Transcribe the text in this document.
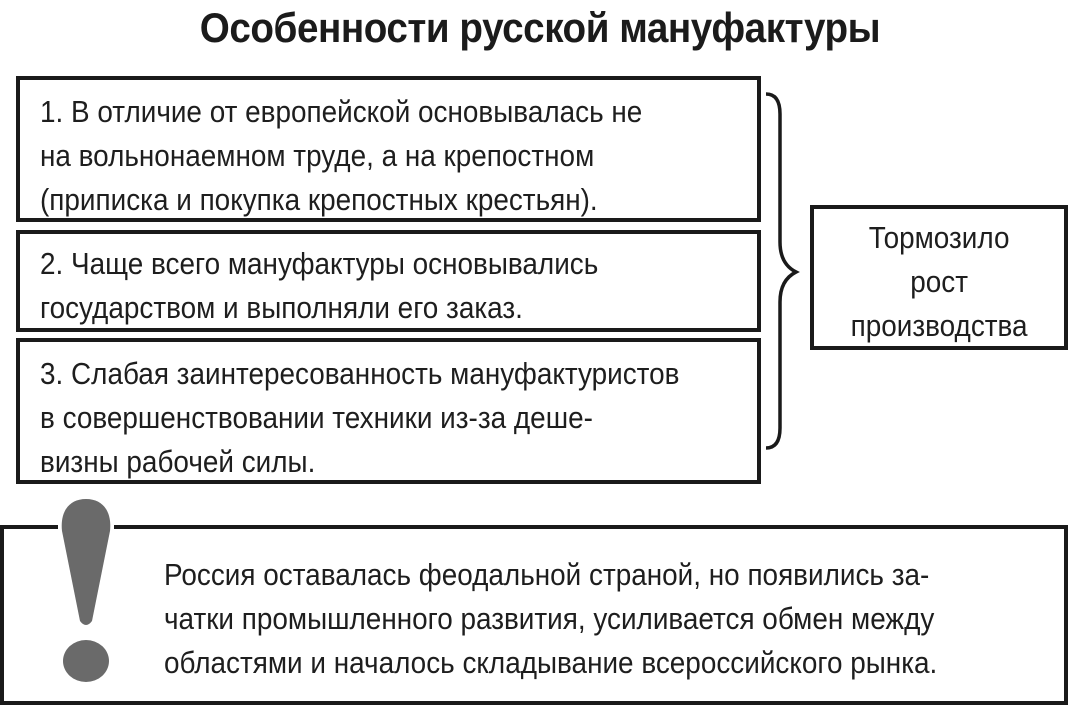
Особенности русской мануфактуры
1. В отличие от европейской основывалась не
на вольнонаемном труде, а на крепостном
(приписка и покупка крепостных крестьян).
2. Чаще всего мануфактуры основывались
государством и выполняли его заказ.
3. Слабая заинтересованность мануфактуристов
в совершенствовании техники из-за деше-
визны рабочей силы.
Тормозило
рост
производства
Россия оставалась феодальной страной, но появились за-
чатки промышленного развития, усиливается обмен между
областями и началось складывание всероссийского рынка.
